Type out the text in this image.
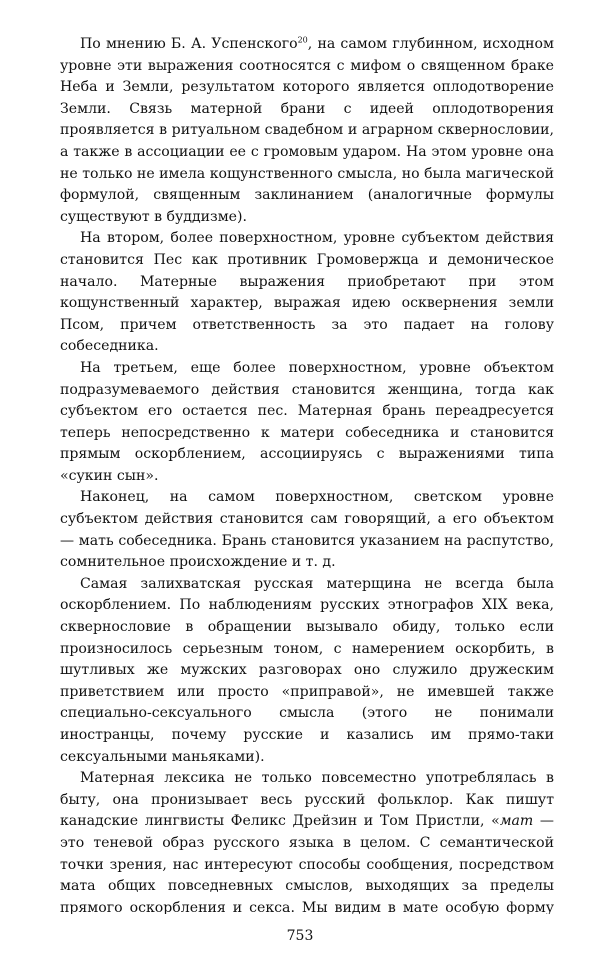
По мнению Б. А. Успенского$^{20}$, на самом глубинном, исходном уровне эти выражения соотносятся с мифом о священном браке Неба и Земли, результатом которого является оплодотворение Земли. Связь матерной брани с идеей оплодотворения проявляется в ритуальном свадебном и аграрном сквернословии, а также в ассоциации ее с громовым ударом. На этом уровне она не только не имела кощунственного смысла, но была магической формулой, священным заклинанием (аналогичные формулы существуют в буддизме).

На втором, более поверхностном, уровне субъектом действия становится Пес как противник Громовержца и демоническое начало. Матерные выражения приобретают при этом кощунственный характер, выражая идею осквернения земли Псом, причем ответственность за это падает на голову собеседника.

На третьем, еще более поверхностном, уровне объектом подразумеваемого действия становится женщина, тогда как субъектом его остается пес. Матерная брань переадресуется теперь непосредственно к матери собеседника и становится прямым оскорблением, ассоциируясь с выражениями типа «сукин сын».

Наконец, на самом поверхностном, светском уровне субъектом действия становится сам говорящий, а его объектом — мать собеседника. Брань становится указанием на распутство, сомнительное происхождение и т. д.

Самая залихватская русская матерщина не всегда была оскорблением. По наблюдениям русских этнографов XIX века, сквернословие в обращении вызывало обиду, только если произносилось серьезным тоном, с намерением оскорбить, в шутливых же мужских разговорах оно служило дружеским приветствием или просто «приправой», не имевшей также специально-сексуального смысла (этого не понимали иностранцы, почему русские и казались им прямо-таки сексуальными маньяками).

Матерная лексика не только повсеместно употреблялась в быту, она пронизывает весь русский фольклор. Как пишут канадские лингвисты Феликс Дрейзин и Том Пристли, «мат — это теневой образ русского языка в целом. С семантической точки зрения, нас интересуют способы сообщения, посредством мата общих повседневных смыслов, выходящих за пределы прямого оскорбления и секса. Мы видим в мате особую форму

753
